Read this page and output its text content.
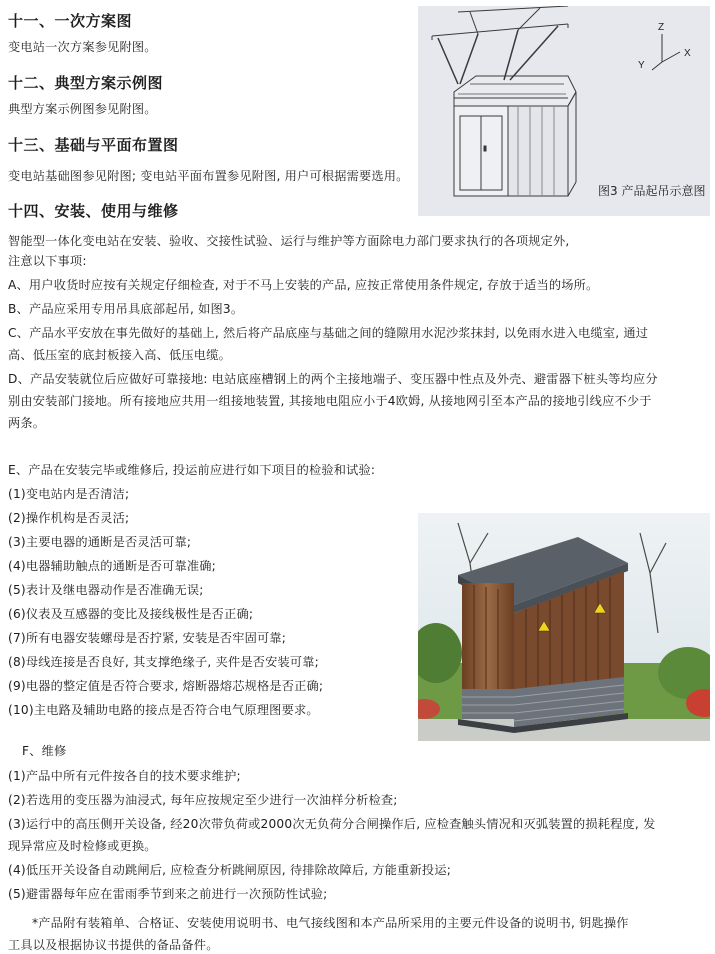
十一、一次方案图
变电站一次方案参见附图。
十二、典型方案示例图
典型方案示例图参见附图。
十三、基础与平面布置图
变电站基础图参见附图; 变电站平面布置参见附图, 用户可根据需要选用。
十四、安装、使用与维修
智能型一体化变电站在安装、验收、交接性试验、运行与维护等方面除电力部门要求执行的各项规定外,
注意以下事项:
A、用户收货时应按有关规定仔细检查, 对于不马上安装的产品, 应按正常使用条件规定, 存放于适当的场所。
B、产品应采用专用吊具底部起吊, 如图3。
C、产品水平安放在事先做好的基础上, 然后将产品底座与基础之间的缝隙用水泥沙浆抹封, 以免雨水进入电缆室, 通过
高、低压室的底封板接入高、低压电缆。
D、产品安装就位后应做好可靠接地: 电站底座槽钢上的两个主接地端子、变压器中性点及外壳、避雷器下桩头等均应分
别由安装部门接地。所有接地应共用一组接地装置, 其接地电阻应小于4欧姆, 从接地网引至本产品的接地引线应不少于
两条。
E、产品在安装完毕或维修后, 投运前应进行如下项目的检验和试验:
(1)变电站内是否清洁;
(2)操作机构是否灵活;
(3)主要电器的通断是否灵活可靠;
(4)电器辅助触点的通断是否可靠准确;
(5)表计及继电器动作是否准确无误;
(6)仪表及互感器的变比及接线极性是否正确;
(7)所有电器安装螺母是否拧紧, 安装是否牢固可靠;
(8)母线连接是否良好, 其支撑绝缘子, 夹件是否安装可靠;
(9)电器的整定值是否符合要求, 熔断器熔芯规格是否正确;
(10)主电路及辅助电路的接点是否符合电气原理图要求。
F、维修
(1)产品中所有元件按各自的技术要求维护;
(2)若选用的变压器为油浸式, 每年应按规定至少进行一次油样分析检查;
(3)运行中的高压侧开关设备, 经20次带负荷或2000次无负荷分合闸操作后, 应检查触头情况和灭弧装置的损耗程度, 发
现异常应及时检修或更换。
(4)低压开关设备自动跳闸后, 应检查分析跳闸原因, 待排除故障后, 方能重新投运;
(5)避雷器每年应在雷雨季节到来之前进行一次预防性试验;
*产品附有装箱单、合格证、安装使用说明书、电气接线图和本产品所采用的主要元件设备的说明书, 钥匙操作
工具以及根据协议书提供的备品备件。
Z
X
Y
图3 产品起吊示意图
